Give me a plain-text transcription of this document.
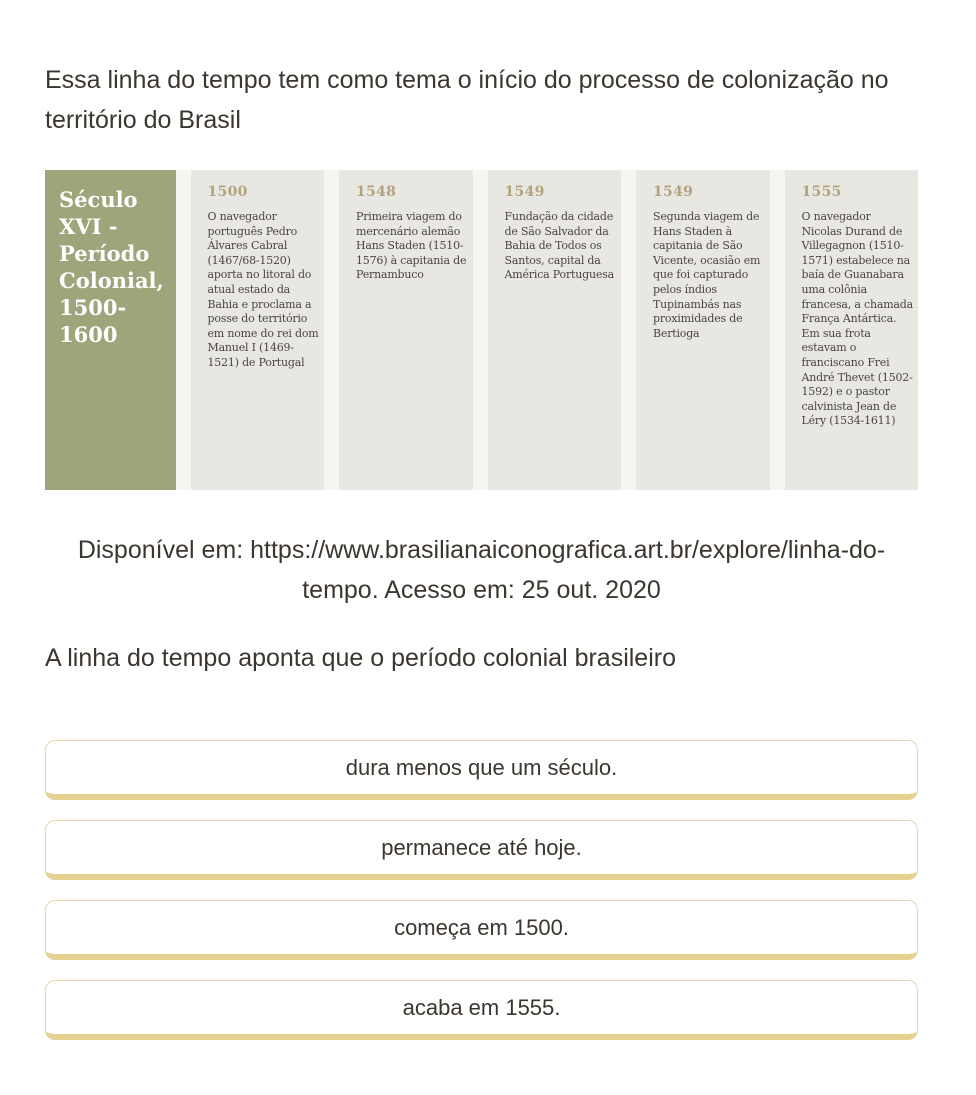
Essa linha do tempo tem como tema o início do processo de colonização no território do Brasil
Século
XVI -
Período
Colonial,
1500-
1600
1500
O navegador português Pedro Álvares Cabral (1467/68-1520) aporta no litoral do atual estado da Bahia e proclama a posse do território em nome do rei dom Manuel I (1469-1521) de Portugal
1548
Primeira viagem do mercenário alemão Hans Staden (1510-1576) à capitania de Pernambuco
1549
Fundação da cidade de São Salvador da Bahia de Todos os Santos, capital da América Portuguesa
1549
Segunda viagem de Hans Staden à capitania de São Vicente, ocasião em que foi capturado pelos índios Tupinambás nas proximidades de Bertioga
1555
O navegador Nicolas Durand de Villegagnon (1510-1571) estabelece na baía de Guanabara uma colônia francesa, a chamada França Antártica. Em sua frota estavam o franciscano Frei André Thevet (1502-1592) e o pastor calvinista Jean de Léry (1534-1611)
Disponível em: https://www.brasilianaiconografica.art.br/explore/linha-do-tempo. Acesso em: 25 out. 2020
A linha do tempo aponta que o período colonial brasileiro
dura menos que um século.
permanece até hoje.
começa em 1500.
acaba em 1555.
